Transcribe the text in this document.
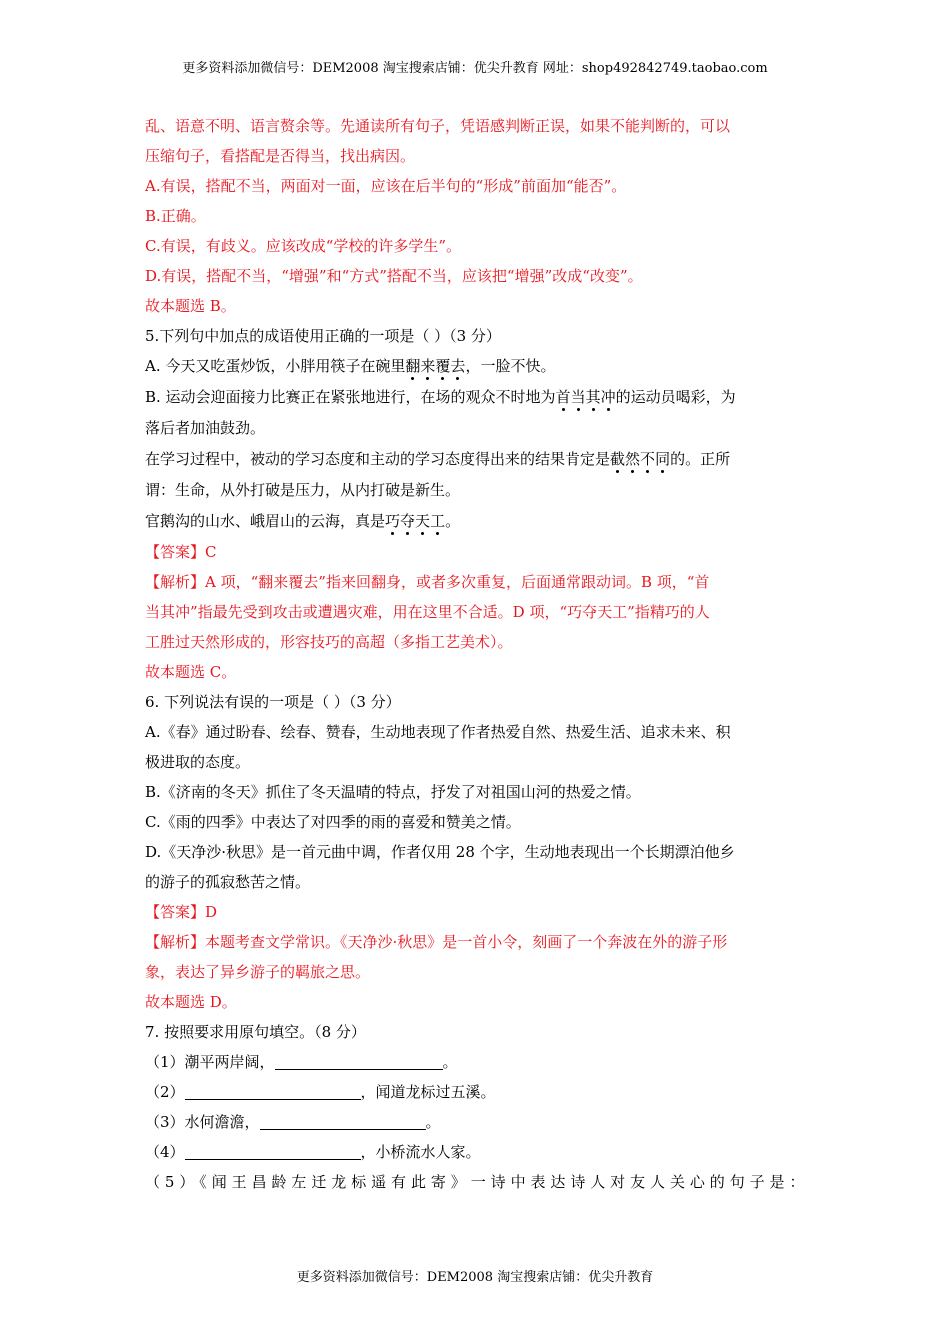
更多资料添加微信号：DEM2008 淘宝搜索店铺：优尖升教育 网址：shop492842749.taobao.com
乱、语意不明、语言赘余等。先通读所有句子，凭语感判断正误，如果不能判断的，可以
压缩句子，看搭配是否得当，找出病因。
A.有误，搭配不当，两面对一面，应该在后半句的“形成”前面加“能否”。
B.正确。
C.有误，有歧义。应该改成“学校的许多学生”。
D.有误，搭配不当，“增强”和“方式”搭配不当，应该把“增强”改成“改变”。
故本题选 B。
5.下列句中加点的成语使用正确的一项是（ ）（3 分）
A. 今天又吃蛋炒饭，小胖用筷子在碗里翻来覆去，一脸不快。
B. 运动会迎面接力比赛正在紧张地进行，在场的观众不时地为首当其冲的运动员喝彩，为
落后者加油鼓劲。
在学习过程中，被动的学习态度和主动的学习态度得出来的结果肯定是截然不同的。正所
谓：生命，从外打破是压力，从内打破是新生。
官鹅沟的山水、峨眉山的云海，真是巧夺天工。
【答案】C
【解析】A 项，“翻来覆去”指来回翻身，或者多次重复，后面通常跟动词。B 项，“首
当其冲”指最先受到攻击或遭遇灾难，用在这里不合适。D 项，“巧夺天工”指精巧的人
工胜过天然形成的，形容技巧的高超（多指工艺美术）。
故本题选 C。
6. 下列说法有误的一项是（ ）（3 分）
A.《春》通过盼春、绘春、赞春，生动地表现了作者热爱自然、热爱生活、追求未来、积
极进取的态度。
B.《济南的冬天》抓住了冬天温晴的特点，抒发了对祖国山河的热爱之情。
C.《雨的四季》中表达了对四季的雨的喜爱和赞美之情。
D.《天净沙·秋思》是一首元曲中调，作者仅用 28 个字，生动地表现出一个长期漂泊他乡
的游子的孤寂愁苦之情。
【答案】D
【解析】本题考查文学常识。《天净沙·秋思》是一首小令，刻画了一个奔波在外的游子形
象，表达了异乡游子的羁旅之思。
故本题选 D。
7. 按照要求用原句填空。（8 分）
（1）潮平两岸阔，	。
（2）	，闻道龙标过五溪。
（3）水何澹澹，	。
（4）	，小桥流水人家。
（5）《闻王昌龄左迁龙标遥有此寄》一诗中表达诗人对友人关心的句子是：
更多资料添加微信号：DEM2008 淘宝搜索店铺：优尖升教育
